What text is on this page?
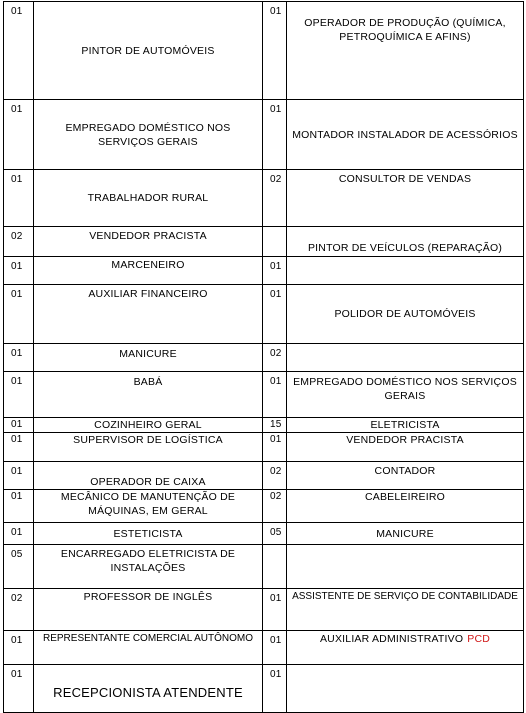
01	PINTOR DE AUTOMÓVEIS	01	OPERADOR DE PRODUÇÃO (QUÍMICA, PETROQUÍMICA E AFINS)
01	EMPREGADO DOMÉSTICO NOS SERVIÇOS GERAIS	01	MONTADOR INSTALADOR DE ACESSÓRIOS
01	TRABALHADOR RURAL	02	CONSULTOR DE VENDAS
02	VENDEDOR PRACISTA		PINTOR DE VEÍCULOS (REPARAÇÃO)
01	MARCENEIRO	01	
01	AUXILIAR FINANCEIRO	01	POLIDOR DE AUTOMÓVEIS
01	MANICURE	02	
01	BABÁ	01	EMPREGADO DOMÉSTICO NOS SERVIÇOS GERAIS
01	COZINHEIRO GERAL	15	ELETRICISTA
01	SUPERVISOR DE LOGÍSTICA	01	VENDEDOR PRACISTA
01	OPERADOR DE CAIXA	02	CONTADOR
01	MECÂNICO DE MANUTENÇÃO DE MÁQUINAS, EM GERAL	02	CABELEIREIRO
01	ESTETICISTA	05	MANICURE
05	ENCARREGADO ELETRICISTA DE INSTALAÇÕES		
02	PROFESSOR DE INGLÊS	01	ASSISTENTE DE SERVIÇO DE CONTABILIDADE
01	REPRESENTANTE COMERCIAL AUTÔNOMO	01	AUXILIAR ADMINISTRATIVO PCD
01	RECEPCIONISTA ATENDENTE	01	
